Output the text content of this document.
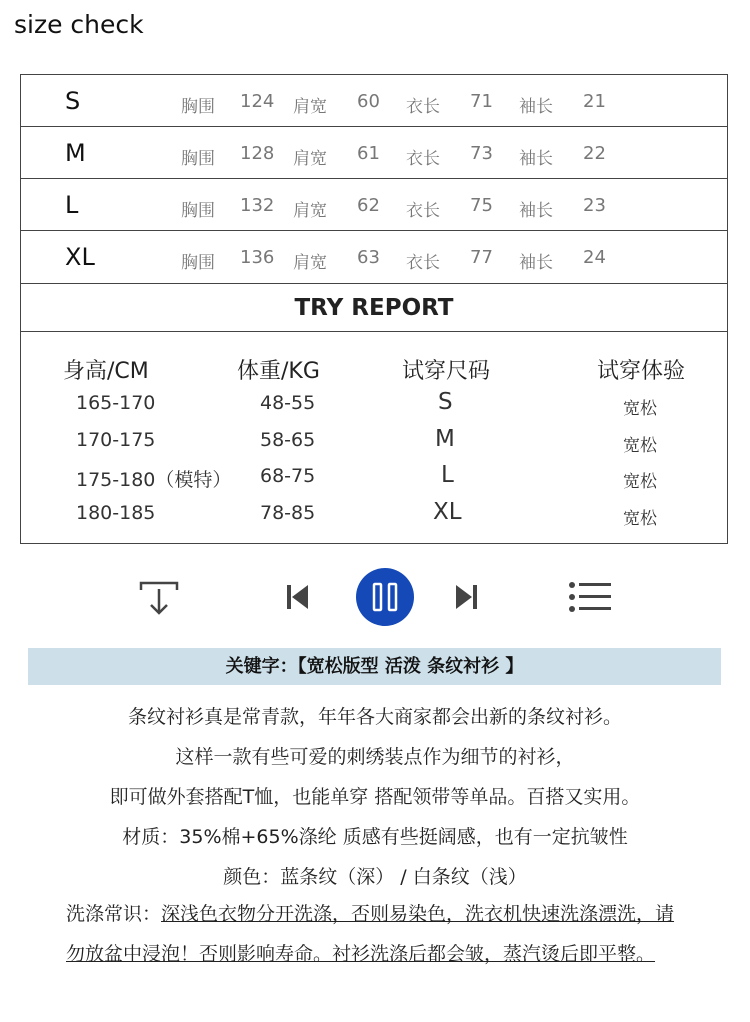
size check
S	胸围 124 肩宽 60 衣长 71 袖长 21
M	胸围 128 肩宽 61 衣长 73 袖长 22
L	胸围 132 肩宽 62 衣长 75 袖长 23
XL	胸围 136 肩宽 63 衣长 77 袖长 24
TRY REPORT
身高/CM	体重/KG	试穿尺码	试穿体验
165-170	48-55	S	宽松
170-175	58-65	M	宽松
175-180（模特） 68-75	L	宽松
180-185	78-85	XL	宽松
关键字：【宽松版型 活泼 条纹衬衫 】
条纹衬衫真是常青款，年年各大商家都会出新的条纹衬衫。
这样一款有些可爱的刺绣装点作为细节的衬衫，
即可做外套搭配T恤，也能单穿 搭配领带等单品。百搭又实用。
材质：35%棉+65%涤纶 质感有些挺阔感，也有一定抗皱性
颜色：蓝条纹（深） / 白条纹（浅）
洗涤常识：深浅色衣物分开洗涤，否则易染色，洗衣机快速洗涤漂洗，请勿放盆中浸泡！否则影响寿命。衬衫洗涤后都会皱，蒸汽烫后即平整。
